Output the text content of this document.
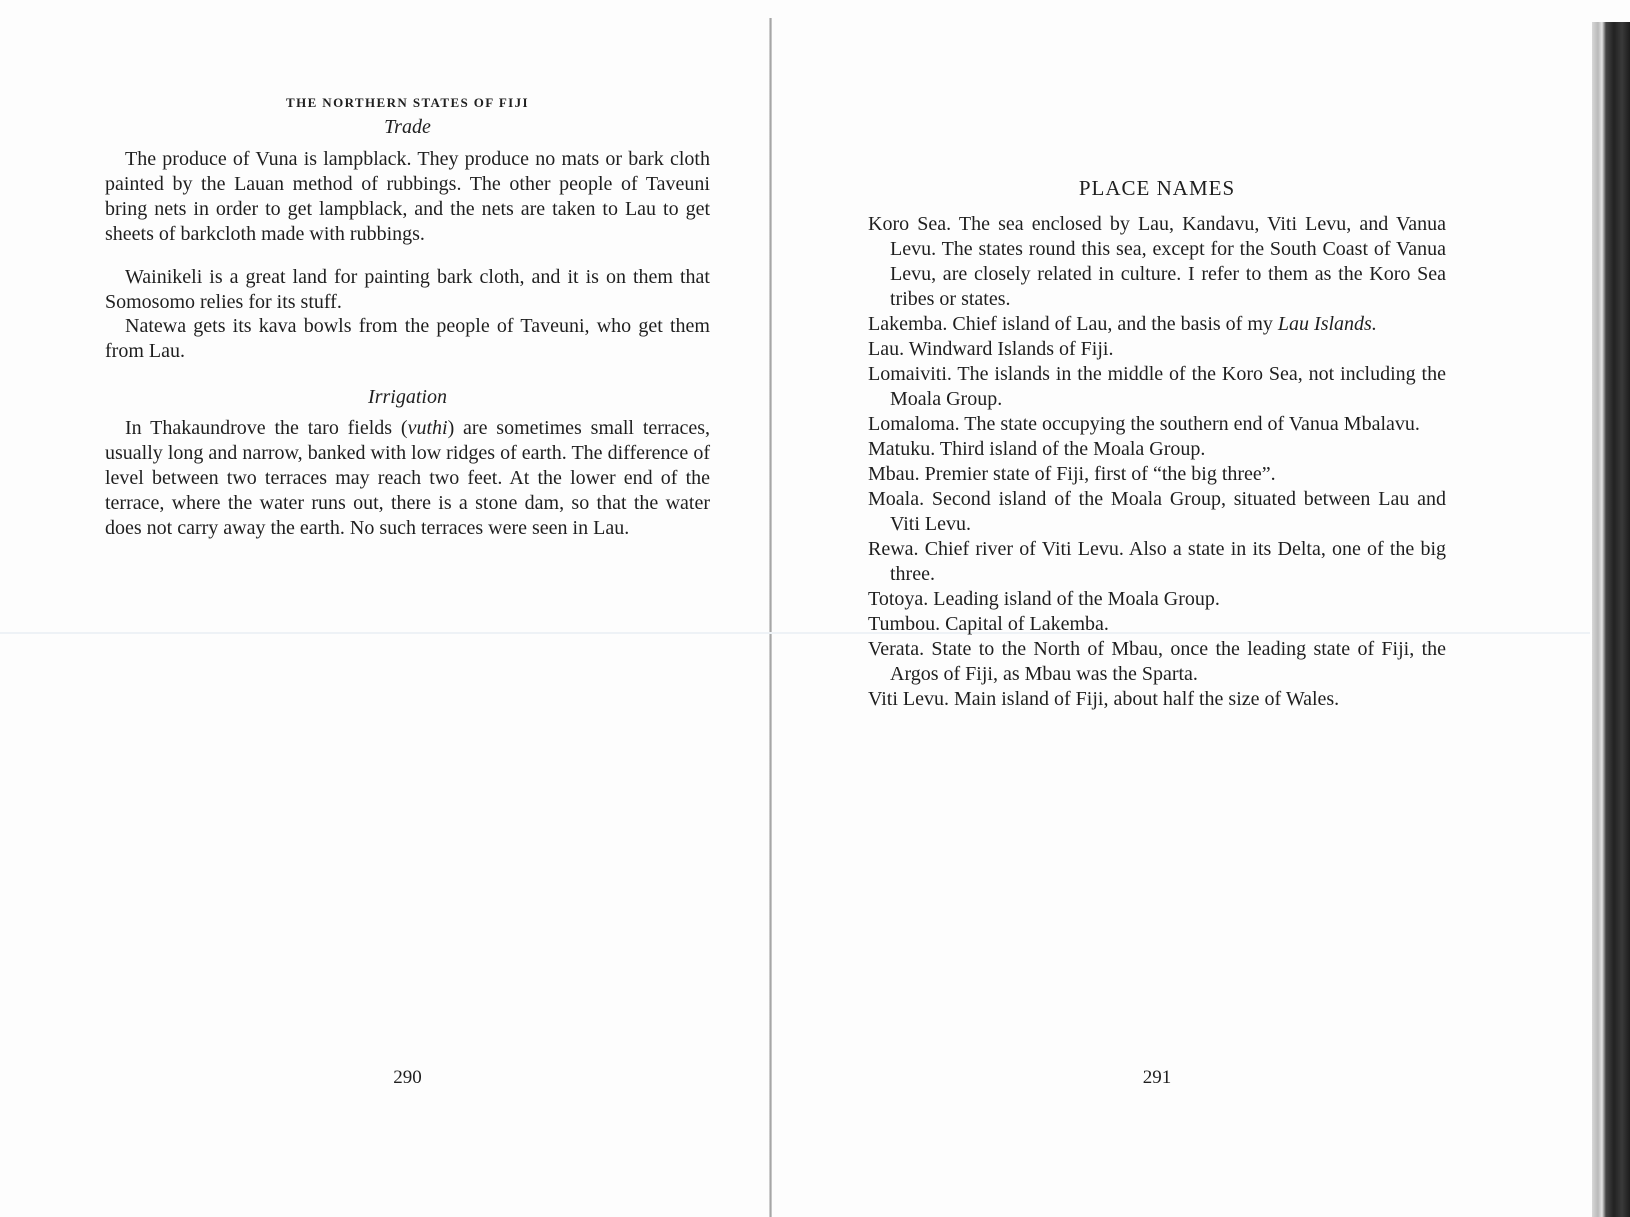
THE NORTHERN STATES OF FIJI
Trade

The produce of Vuna is lampblack. They produce no mats or bark cloth painted by the Lauan method of rubbings. The other people of Taveuni bring nets in order to get lampblack, and the nets are taken to Lau to get sheets of barkcloth made with rubbings.

Wainikeli is a great land for painting bark cloth, and it is on them that Somosomo relies for its stuff.

Natewa gets its kava bowls from the people of Taveuni, who get them from Lau.

Irrigation

In Thakaundrove the taro fields (vuthi) are sometimes small terraces, usually long and narrow, banked with low ridges of earth. The difference of level between two terraces may reach two feet. At the lower end of the terrace, where the water runs out, there is a stone dam, so that the water does not carry away the earth. No such terraces were seen in Lau.

290
PLACE NAMES
Koro Sea. The sea enclosed by Lau, Kandavu, Viti Levu, and Vanua Levu. The states round this sea, except for the South Coast of Vanua Levu, are closely related in culture. I refer to them as the Koro Sea tribes or states.
Lakemba. Chief island of Lau, and the basis of my Lau Islands.
Lau. Windward Islands of Fiji.
Lomaiviti. The islands in the middle of the Koro Sea, not including the Moala Group.
Lomaloma. The state occupying the southern end of Vanua Mbalavu.
Matuku. Third island of the Moala Group.
Mbau. Premier state of Fiji, first of “the big three”.
Moala. Second island of the Moala Group, situated between Lau and Viti Levu.
Rewa. Chief river of Viti Levu. Also a state in its Delta, one of the big three.
Totoya. Leading island of the Moala Group.
Tumbou. Capital of Lakemba.
Verata. State to the North of Mbau, once the leading state of Fiji, the Argos of Fiji, as Mbau was the Sparta.
Viti Levu. Main island of Fiji, about half the size of Wales.
291
